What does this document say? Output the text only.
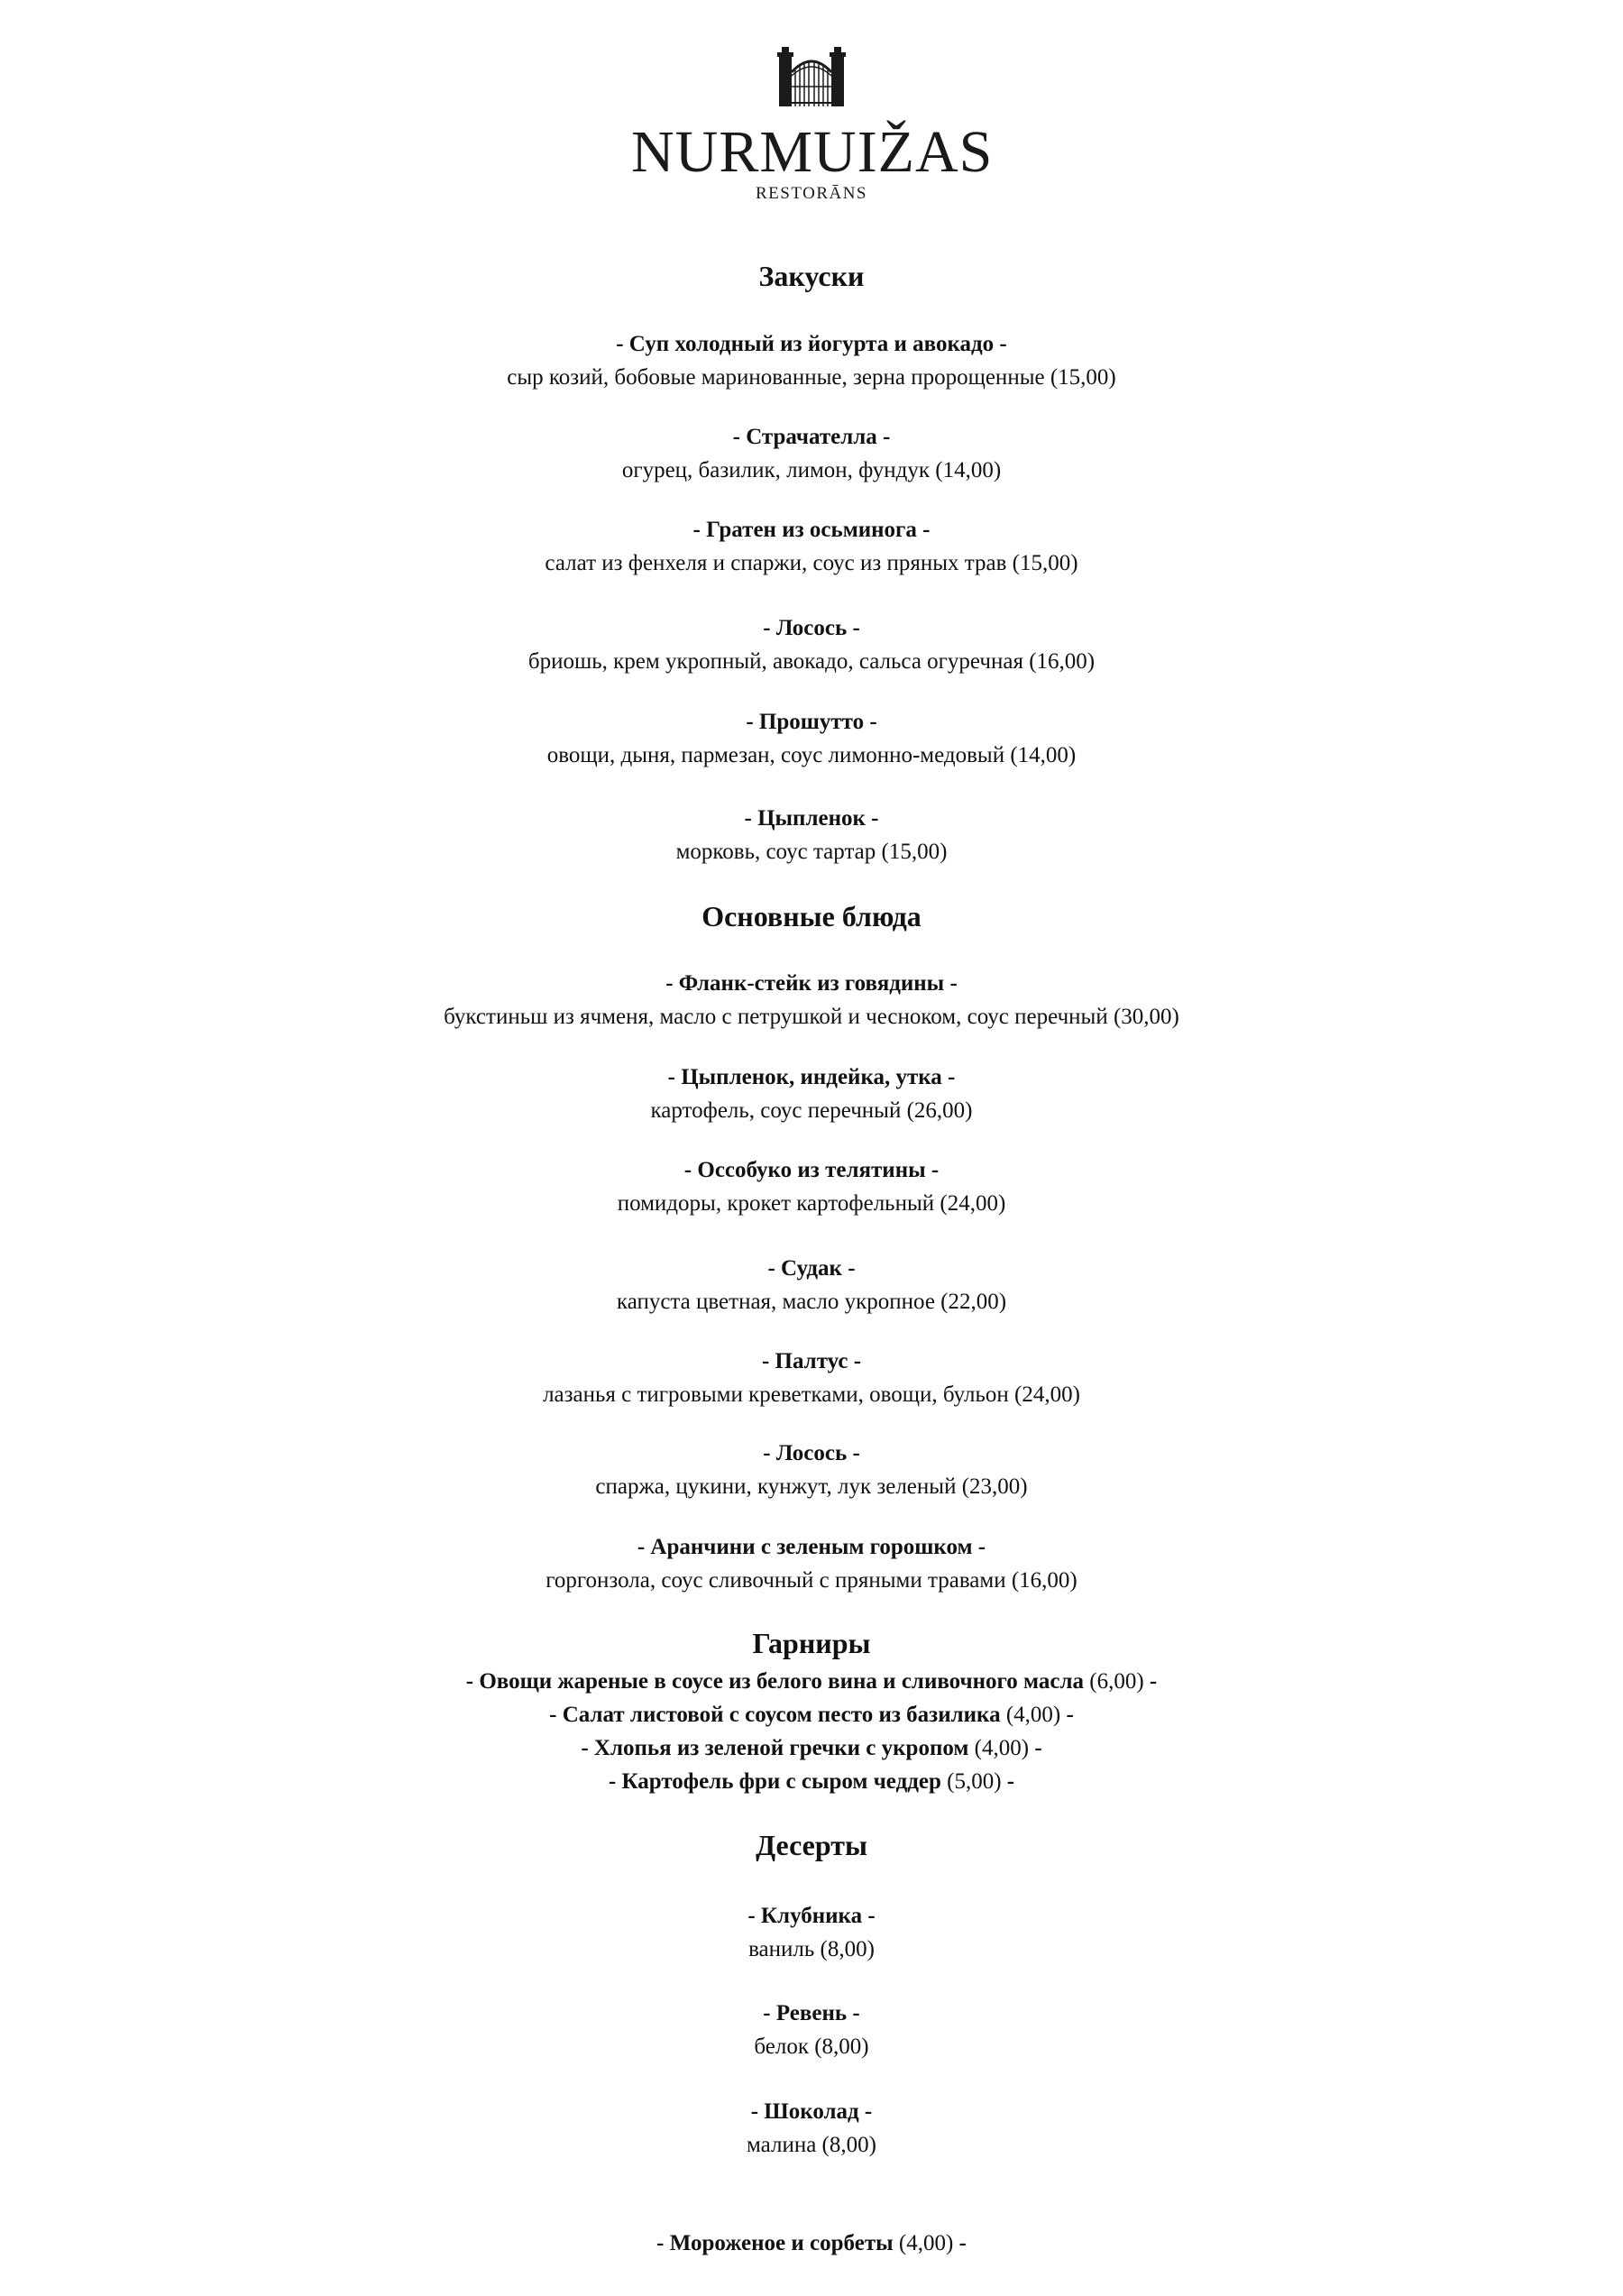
NURMUIŽAS
RESTORĀNS
Закуски
- Суп холодный из йогурта и авокадо -
сыр козий, бобовые маринованные, зерна пророщенные (15,00)
- Страчателла -
огурец, базилик, лимон, фундук (14,00)
- Гратен из осьминога -
салат из фенхеля и спаржи, соус из пряных трав (15,00)
- Лосось -
бриошь, крем укропный, авокадо, сальса огуречная (16,00)
- Прошутто -
овощи, дыня, пармезан, соус лимонно-медовый (14,00)
- Цыпленок -
морковь, соус тартар (15,00)
Основные блюда
- Фланк-стейк из говядины -
букстиньш из ячменя, масло с петрушкой и чесноком, соус перечный (30,00)
- Цыпленок, индейка, утка -
картофель, соус перечный (26,00)
- Оссобуко из телятины -
помидоры, крокет картофельный (24,00)
- Судак -
капуста цветная, масло укропное (22,00)
- Палтус -
лазанья с тигровыми креветками, овощи, бульон (24,00)
- Лосось -
спаржа, цукини, кунжут, лук зеленый (23,00)
- Аранчини с зеленым горошком -
горгонзола, соус сливочный с пряными травами (16,00)
Гарниры
- Овощи жареные в соусе из белого вина и сливочного масла (6,00) -
- Салат листовой с соусом песто из базилика (4,00) -
- Хлопья из зеленой гречки с укропом (4,00) -
- Картофель фри с сыром чеддер (5,00) -
Десерты
- Клубника -
ваниль (8,00)
- Ревень -
белок (8,00)
- Шоколад -
малина (8,00)
- Мороженое и сорбеты (4,00) -
